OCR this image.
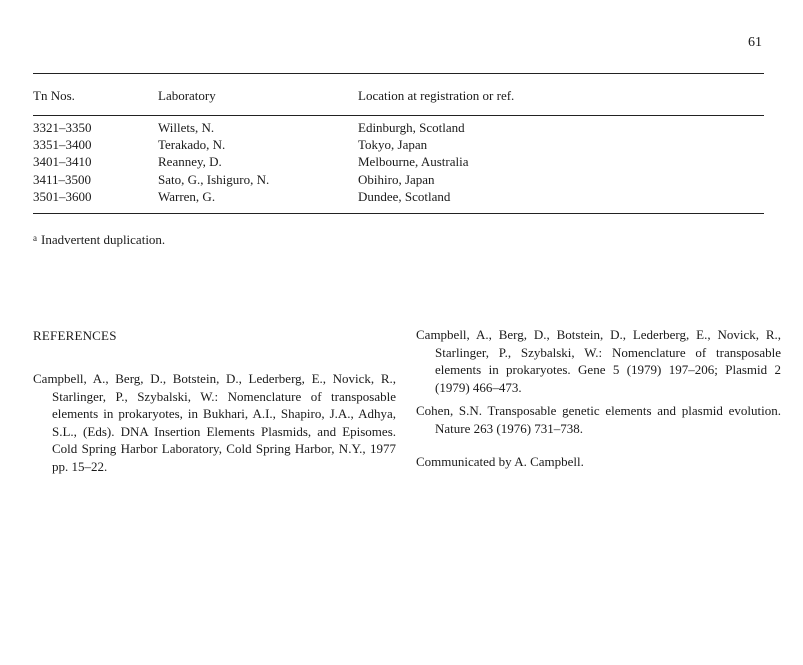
61
Tn Nos.	Laboratory	Location at registration or ref.
3321–3350	Willets, N.	Edinburgh, Scotland
3351–3400	Terakado, N.	Tokyo, Japan
3401–3410	Reanney, D.	Melbourne, Australia
3411–3500	Sato, G., Ishiguro, N.	Obihiro, Japan
3501–3600	Warren, G.	Dundee, Scotland
$^a$ Inadvertent duplication.
REFERENCES

Campbell, A., Berg, D., Botstein, D., Lederberg, E., Novick, R., Starlinger, P., Szybalski, W.: Nomenclature of transposable elements in prokaryotes, in Bukhari, A.I., Shapiro, J.A., Adhya, S.L., (Eds). DNA Insertion Elements Plasmids, and Episomes. Cold Spring Harbor Laboratory, Cold Spring Harbor, N.Y., 1977 pp. 15–22.

Campbell, A., Berg, D., Botstein, D., Lederberg, E., Novick, R., Starlinger, P., Szybalski, W.: Nomenclature of transposable elements in prokaryotes. Gene 5 (1979) 197–206; Plasmid 2 (1979) 466–473.

Cohen, S.N. Transposable genetic elements and plasmid evolution. Nature 263 (1976) 731–738.

Communicated by A. Campbell.
